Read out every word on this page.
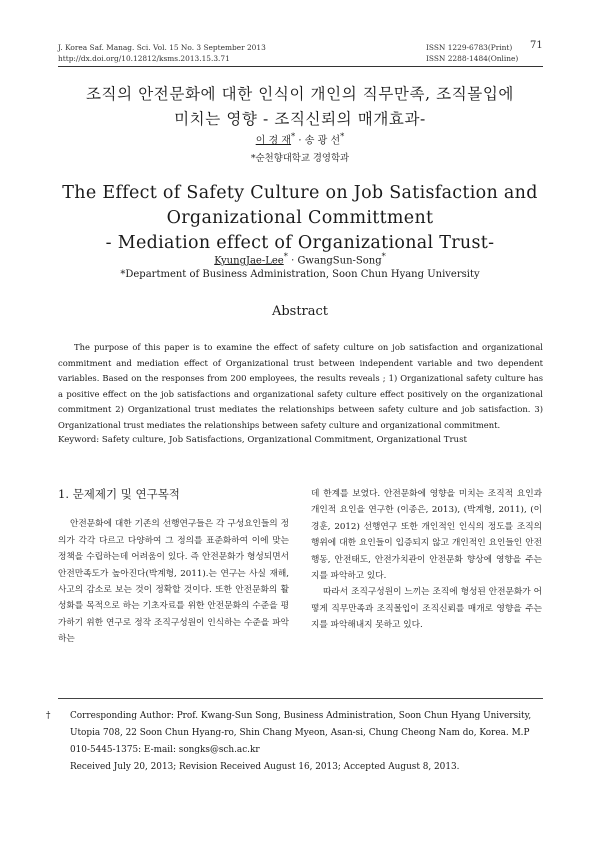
J. Korea Saf. Manag. Sci. Vol. 15 No. 3 September 2013
http://dx.doi.org/10.12812/ksms.2013.15.3.71
ISSN 1229-6783(Print)
ISSN 2288-1484(Online)
71
조직의 안전문화에 대한 인식이 개인의 직무만족, 조직몰입에
미치는 영향 - 조직신뢰의 매개효과-
이 경 재* · 송 광 선*
*순천향대학교 경영학과
The Effect of Safety Culture on Job Satisfaction and
Organizational Committment
- Mediation effect of Organizational Trust-
KyungJae-Lee* · GwangSun-Song*
*Department of Business Administration, Soon Chun Hyang University
Abstract
The purpose of this paper is to examine the effect of safety culture on job satisfaction and organizational commitment and mediation effect of Organizational trust between independent variable and two dependent variables. Based on the responses from 200 employees, the results reveals ; 1) Organizational safety culture has a positive effect on the job satisfactions and organizational safety culture effect positively on the organizational commitment 2) Organizational trust mediates the relationships between safety culture and job satisfaction. 3) Organizational trust mediates the relationships between safety culture and organizational commitment.
Keyword: Safety culture, Job Satisfactions, Organizational Commitment, Organizational Trust
1. 문제제기 및 연구목적

안전문화에 대한 기존의 선행연구들은 각 구성요인들의 정의가 각각 다르고 다양하여 그 정의를 표준화하여 이에 맞는 정책을 수립하는데 어려움이 있다. 즉 안전문화가 형성되면서 안전만족도가 높아진다(박계형, 2011).는 연구는 사실 재해, 사고의 감소로 보는 것이 정확할 것이다. 또한 안전문화의 활성화를 목적으로 하는 기초자료를 위한 안전문화의 수준을 평가하기 위한 연구로 정작 조직구성원이 인식하는 수준을 파악하는

데 한계를 보였다. 안전문화에 영향을 미치는 조직적 요인과 개인적 요인을 연구한 (이종은, 2013), (박계형, 2011), (이경훈, 2012) 선행연구 또한 개인적인 인식의 정도를 조직의 행위에 대한 요인들이 입증되지 않고 개인적인 요인들인 안전행동, 안전태도, 안전가치관이 안전문화 향상에 영향을 주는지를 파악하고 있다.

따라서 조직구성원이 느끼는 조직에 형성된 안전문화가 어떻게 직무만족과 조직몰입이 조직신뢰를 매개로 영향을 주는지를 파악해내지 못하고 있다.

† Corresponding Author: Prof. Kwang-Sun Song, Business Administration, Soon Chun Hyang University, Utopia 708, 22 Soon Chun Hyang-ro, Shin Chang Myeon, Asan-si, Chung Cheong Nam do, Korea. M.P 010-5445-1375: E-mail: songks@sch.ac.kr
Received July 20, 2013; Revision Received August 16, 2013; Accepted August 8, 2013.
